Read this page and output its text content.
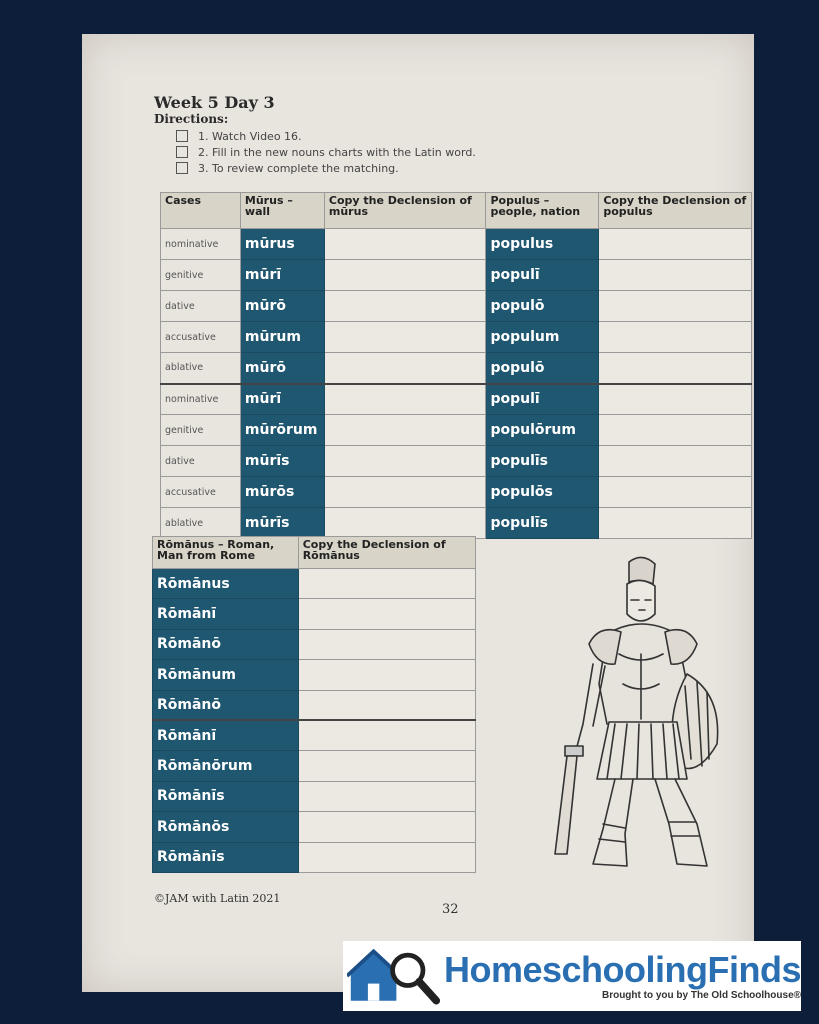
Week 5 Day 3
Directions:
1. Watch Video 16.
2. Fill in the new nouns charts with the Latin word.
3. To review complete the matching.
Cases	Mūrus – wall	Copy the Declension of mūrus	Populus – people, nation	Copy the Declension of populus
nominative	mūrus		populus	
genitive	mūrī		populī	
dative	mūrō		populō	
accusative	mūrum		populum	
ablative	mūrō		populō	
nominative	mūrī		populī	
genitive	mūrōrum		populōrum	
dative	mūrīs		populīs	
accusative	mūrōs		populōs	
ablative	mūrīs		populīs	
Rōmānus – Roman, Man from Rome	Copy the Declension of Rōmānus
Rōmānus	
Rōmānī	
Rōmānō	
Rōmānum	
Rōmānō	
Rōmānī	
Rōmānōrum	
Rōmānīs	
Rōmānōs	
Rōmānīs	
©JAM with Latin 2021
32
HomeschoolingFinds
Brought to you by The Old Schoolhouse®
